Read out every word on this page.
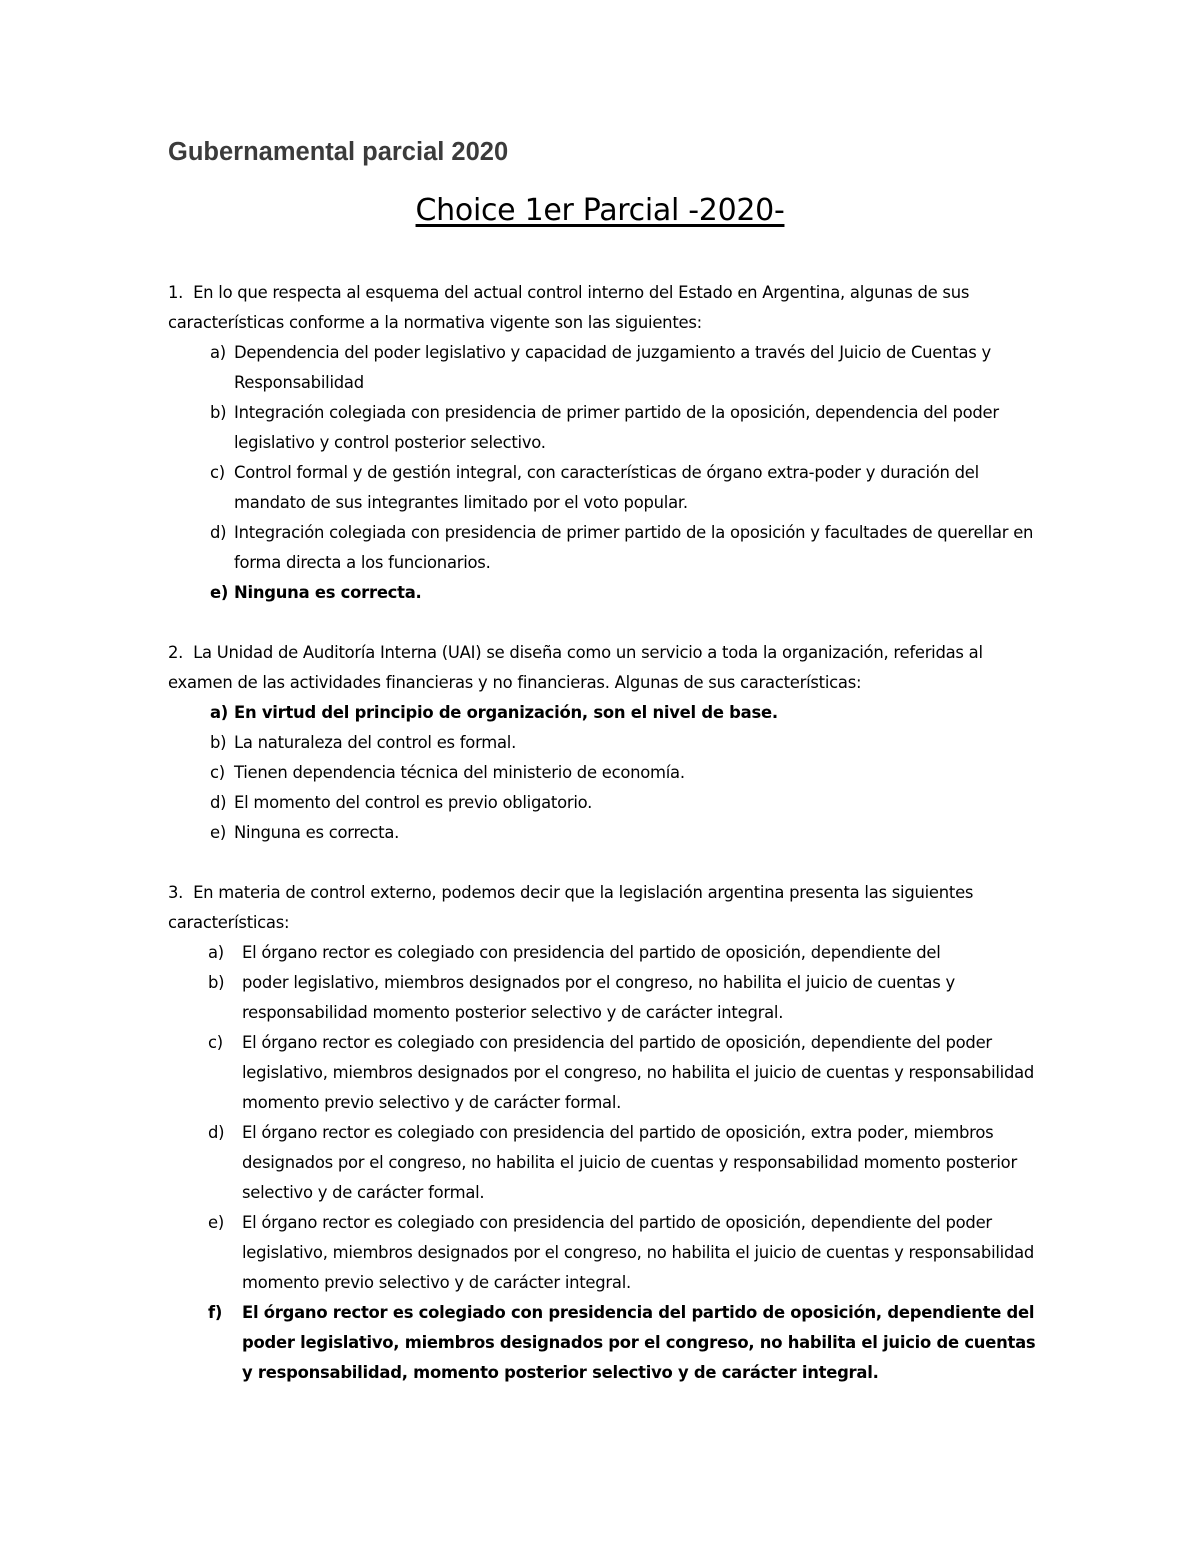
Gubernamental parcial 2020
Choice 1er Parcial -2020-
1. En lo que respecta al esquema del actual control interno del Estado en Argentina, algunas de sus características conforme a la normativa vigente son las siguientes:
a) Dependencia del poder legislativo y capacidad de juzgamiento a través del Juicio de Cuentas y Responsabilidad
b) Integración colegiada con presidencia de primer partido de la oposición, dependencia del poder legislativo y control posterior selectivo.
c) Control formal y de gestión integral, con características de órgano extra-poder y duración del mandato de sus integrantes limitado por el voto popular.
d) Integración colegiada con presidencia de primer partido de la oposición y facultades de querellar en forma directa a los funcionarios.
e) Ninguna es correcta.
2. La Unidad de Auditoría Interna (UAI) se diseña como un servicio a toda la organización, referidas al examen de las actividades financieras y no financieras. Algunas de sus características:
a) En virtud del principio de organización, son el nivel de base.
b) La naturaleza del control es formal.
c) Tienen dependencia técnica del ministerio de economía.
d) El momento del control es previo obligatorio.
e) Ninguna es correcta.
3. En materia de control externo, podemos decir que la legislación argentina presenta las siguientes características:
a) El órgano rector es colegiado con presidencia del partido de oposición, dependiente del
b) poder legislativo, miembros designados por el congreso, no habilita el juicio de cuentas y responsabilidad momento posterior selectivo y de carácter integral.
c) El órgano rector es colegiado con presidencia del partido de oposición, dependiente del poder legislativo, miembros designados por el congreso, no habilita el juicio de cuentas y responsabilidad momento previo selectivo y de carácter formal.
d) El órgano rector es colegiado con presidencia del partido de oposición, extra poder, miembros designados por el congreso, no habilita el juicio de cuentas y responsabilidad momento posterior selectivo y de carácter formal.
e) El órgano rector es colegiado con presidencia del partido de oposición, dependiente del poder legislativo, miembros designados por el congreso, no habilita el juicio de cuentas y responsabilidad momento previo selectivo y de carácter integral.
f) El órgano rector es colegiado con presidencia del partido de oposición, dependiente del poder legislativo, miembros designados por el congreso, no habilita el juicio de cuentas y responsabilidad, momento posterior selectivo y de carácter integral.
